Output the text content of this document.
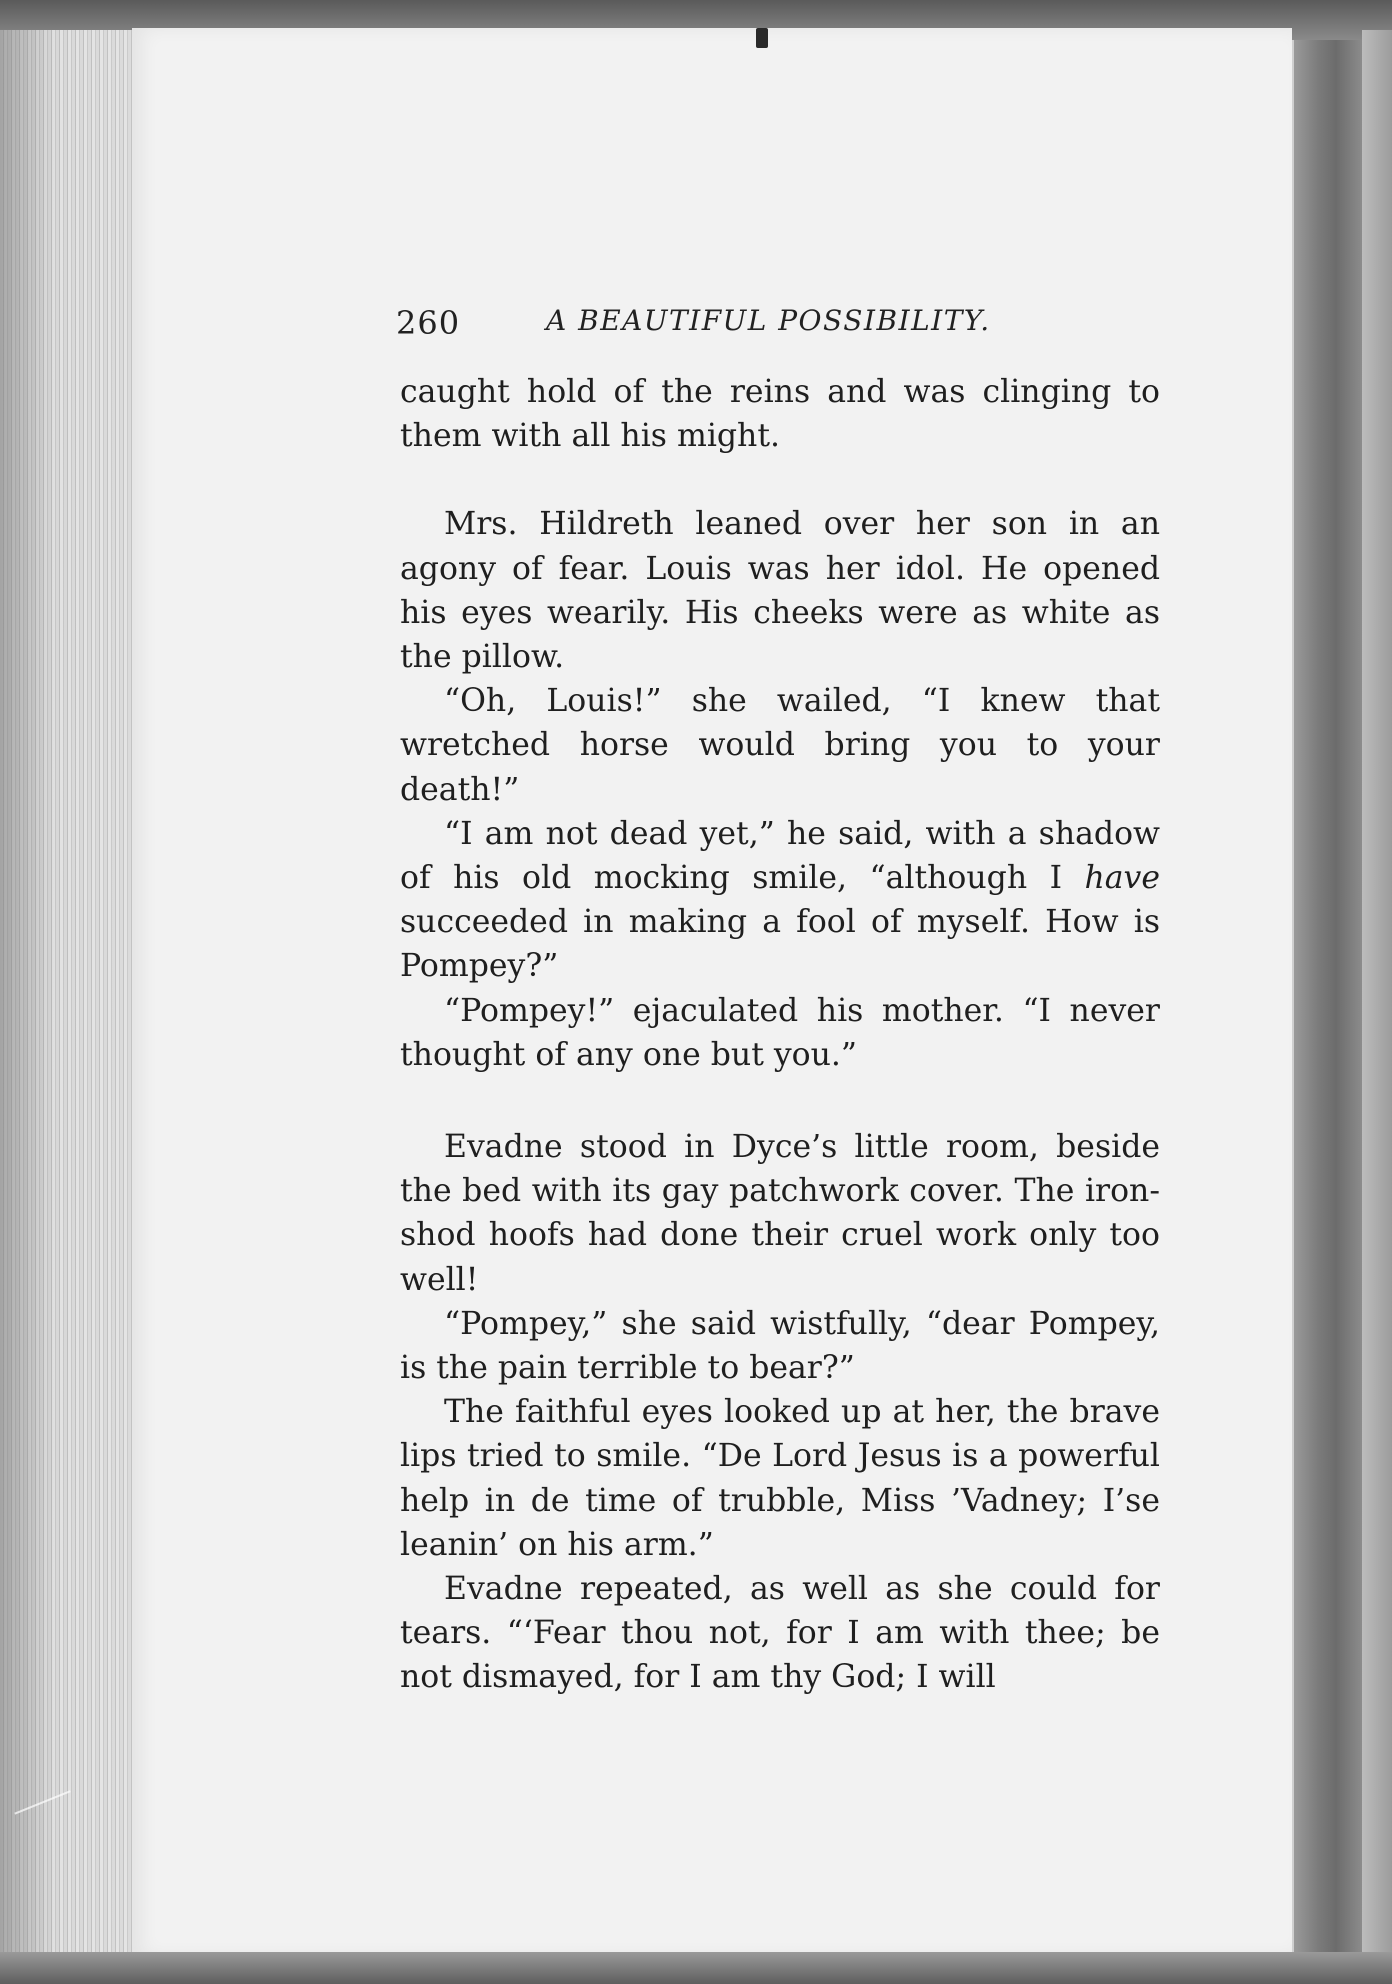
260	A BEAUTIFUL POSSIBILITY.

caught hold of the reins and was clinging to them with all his might.

Mrs. Hildreth leaned over her son in an agony of fear. Louis was her idol. He opened his eyes wearily. His cheeks were as white as the pillow.

“Oh, Louis!” she wailed, “I knew that wretched horse would bring you to your death!”

“I am not dead yet,” he said, with a shadow of his old mocking smile, “although I have succeeded in making a fool of myself. How is Pompey?”

“Pompey!” ejaculated his mother. “I never thought of any one but you.”

Evadne stood in Dyce’s little room, beside the bed with its gay patchwork cover. The iron-shod hoofs had done their cruel work only too well!

“Pompey,” she said wistfully, “dear Pompey, is the pain terrible to bear?”

The faithful eyes looked up at her, the brave lips tried to smile. “De Lord Jesus is a powerful help in de time of trubble, Miss ’Vadney; I’se leanin’ on his arm.”

Evadne repeated, as well as she could for tears. “‘Fear thou not, for I am with thee; be not dismayed, for I am thy God; I will
